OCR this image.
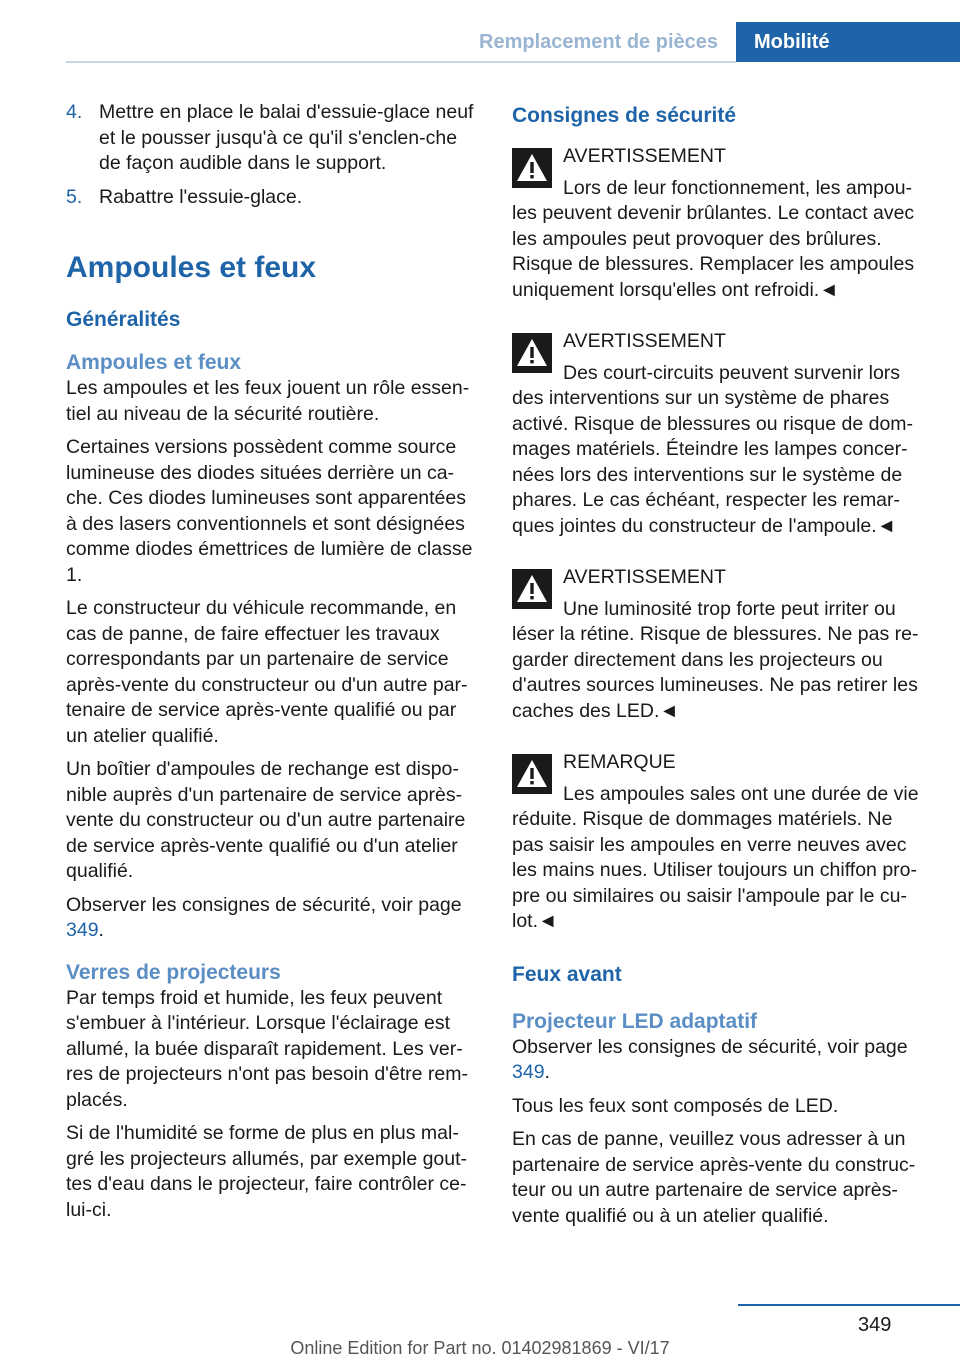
Remplacement de pièces	Mobilité
4. Mettre en place le balai d'essuie-glace neuf et le pousser jusqu'à ce qu'il s'enclen-che de façon audible dans le support.
5. Rabattre l'essuie-glace.
Ampoules et feux
Généralités
Ampoules et feux

Les ampoules et les feux jouent un rôle essen-tiel au niveau de la sécurité routière.

Certaines versions possèdent comme source lumineuse des diodes situées derrière un ca-che. Ces diodes lumineuses sont apparentées à des lasers conventionnels et sont désignées comme diodes émettrices de lumière de classe 1.

Le constructeur du véhicule recommande, en cas de panne, de faire effectuer les travaux correspondants par un partenaire de service après-vente du constructeur ou d'un autre par-tenaire de service après-vente qualifié ou par un atelier qualifié.

Un boîtier d'ampoules de rechange est dispo-nible auprès d'un partenaire de service après-vente du constructeur ou d'un autre partenaire de service après-vente qualifié ou d'un atelier qualifié.

Observer les consignes de sécurité, voir page 349.

Verres de projecteurs

Par temps froid et humide, les feux peuvent s'embuer à l'intérieur. Lorsque l'éclairage est allumé, la buée disparaît rapidement. Les ver-res de projecteurs n'ont pas besoin d'être rem-placés.

Si de l'humidité se forme de plus en plus mal-gré les projecteurs allumés, par exemple gout-tes d'eau dans le projecteur, faire contrôler ce-lui-ci.

Consignes de sécurité
AVERTISSEMENT
Lors de leur fonctionnement, les ampou-
les peuvent devenir brûlantes. Le contact avec les ampoules peut provoquer des brûlures. Risque de blessures. Remplacer les ampoules uniquement lorsqu'elles ont refroidi.◄
AVERTISSEMENT
Des court-circuits peuvent survenir lors
des interventions sur un système de phares activé. Risque de blessures ou risque de dom-mages matériels. Éteindre les lampes concer-nées lors des interventions sur le système de phares. Le cas échéant, respecter les remar-ques jointes du constructeur de l'ampoule.◄
AVERTISSEMENT
Une luminosité trop forte peut irriter ou
léser la rétine. Risque de blessures. Ne pas re-garder directement dans les projecteurs ou d'autres sources lumineuses. Ne pas retirer les caches des LED.◄
REMARQUE
Les ampoules sales ont une durée de vie
réduite. Risque de dommages matériels. Ne pas saisir les ampoules en verre neuves avec les mains nues. Utiliser toujours un chiffon pro-pre ou similaires ou saisir l'ampoule par le cu-lot.◄
Feux avant
Projecteur LED adaptatif

Observer les consignes de sécurité, voir page 349.

Tous les feux sont composés de LED.

En cas de panne, veuillez vous adresser à un partenaire de service après-vente du construc-teur ou un autre partenaire de service après-vente qualifié ou à un atelier qualifié.

349
Online Edition for Part no. 01402981869 - VI/17
